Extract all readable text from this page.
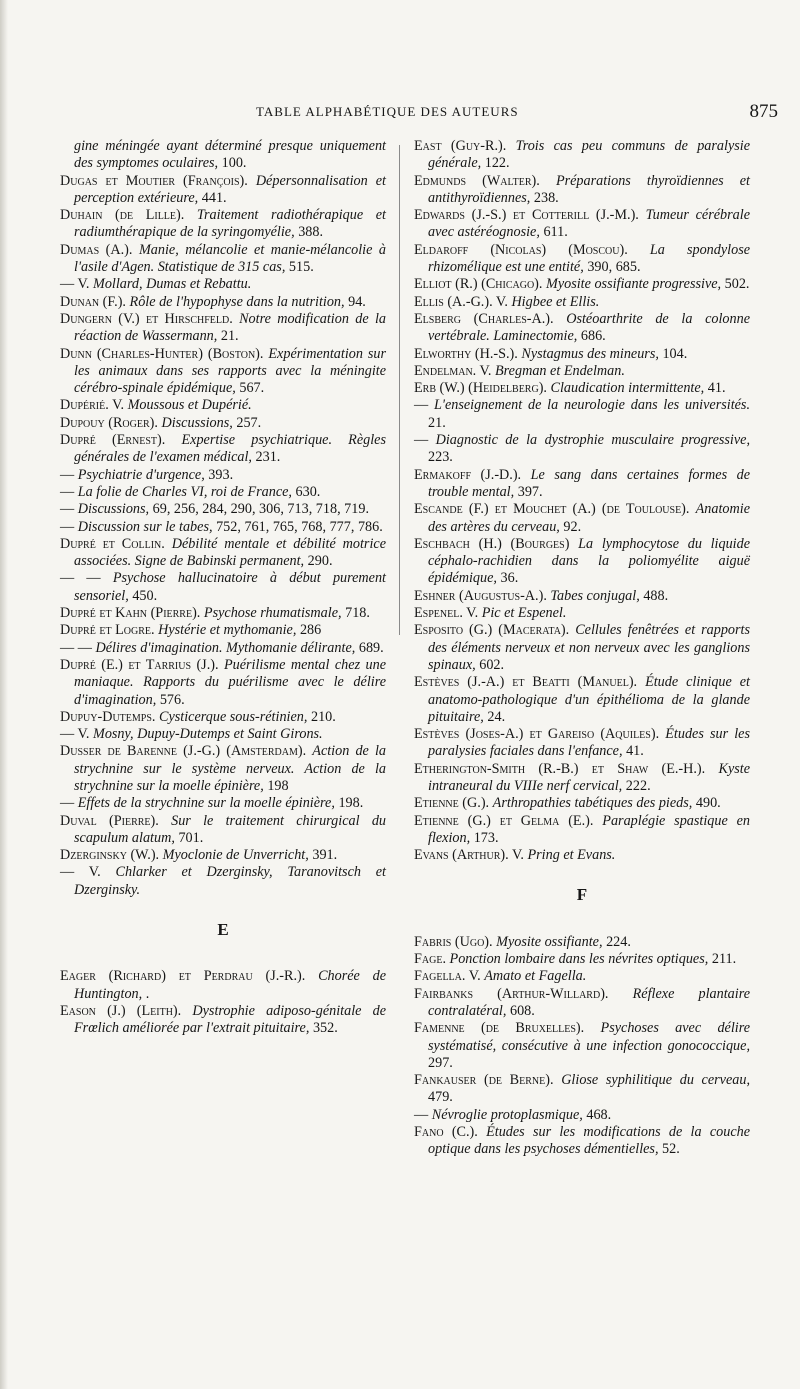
TABLE ALPHABÉTIQUE DES AUTEURS	875

gine méningée ayant déterminé presque uniquement des symptomes oculaires, 100.

Dugas et Moutier (François). Dépersonnalisation et perception extérieure, 441.

Duhain (de Lille). Traitement radiothérapique et radiumthérapique de la syringomyélie, 388.

Dumas (A.). Manie, mélancolie et manie-mélancolie à l'asile d'Agen. Statistique de 315 cas, 515.

— V. Mollard, Dumas et Rebattu.

Dunan (F.). Rôle de l'hypophyse dans la nutrition, 94.

Dungern (V.) et Hirschfeld. Notre modification de la réaction de Wassermann, 21.

Dunn (Charles-Hunter) (Boston). Expérimentation sur les animaux dans ses rapports avec la méningite cérébro-spinale épidémique, 567.

Dupérié. V. Moussous et Dupérié.

Dupouy (Roger). Discussions, 257.

Dupré (Ernest). Expertise psychiatrique. Règles générales de l'examen médical, 231.

— Psychiatrie d'urgence, 393.

— La folie de Charles VI, roi de France, 630.

— Discussions, 69, 256, 284, 290, 306, 713, 718, 719.

— Discussion sur le tabes, 752, 761, 765, 768, 777, 786.

Dupré et Collin. Débilité mentale et débilité motrice associées. Signe de Babinski permanent, 290.

— — Psychose hallucinatoire à début purement sensoriel, 450.

Dupré et Kahn (Pierre). Psychose rhumatismale, 718.

Dupré et Logre. Hystérie et mythomanie, 286

— — Délires d'imagination. Mythomanie délirante, 689.

Dupré (E.) et Tarrius (J.). Puérilisme mental chez une maniaque. Rapports du puérilisme avec le délire d'imagination, 576.

Dupuy-Dutemps. Cysticerque sous-rétinien, 210.

— V. Mosny, Dupuy-Dutemps et Saint Girons.

Dusser de Barenne (J.-G.) (Amsterdam). Action de la strychnine sur le système nerveux. Action de la strychnine sur la moelle épinière, 198

— Effets de la strychnine sur la moelle épinière, 198.

Duval (Pierre). Sur le traitement chirurgical du scapulum alatum, 701.

Dzerginsky (W.). Myoclonie de Unverricht, 391.

— V. Chlarker et Dzerginsky, Taranovitsch et Dzerginsky.

E

Eager (Richard) et Perdrau (J.-R.). Chorée de Huntington, .

Eason (J.) (Leith). Dystrophie adiposo-génitale de Frœlich améliorée par l'extrait pituitaire, 352.

East (Guy-R.). Trois cas peu communs de paralysie générale, 122.

Edmunds (Walter). Préparations thyroïdiennes et antithyroïdiennes, 238.

Edwards (J.-S.) et Cotterill (J.-M.). Tumeur cérébrale avec astéréognosie, 611.

Eldaroff (Nicolas) (Moscou). La spondylose rhizomélique est une entité, 390, 685.

Elliot (R.) (Chicago). Myosite ossifiante progressive, 502.

Ellis (A.-G.). V. Higbee et Ellis.

Elsberg (Charles-A.). Ostéoarthrite de la colonne vertébrale. Laminectomie, 686.

Elworthy (H.-S.). Nystagmus des mineurs, 104.

Endelman. V. Bregman et Endelman.

Erb (W.) (Heidelberg). Claudication intermittente, 41.

— L'enseignement de la neurologie dans les universités. 21.

— Diagnostic de la dystrophie musculaire progressive, 223.

Ermakoff (J.-D.). Le sang dans certaines formes de trouble mental, 397.

Escande (F.) et Mouchet (A.) (de Toulouse). Anatomie des artères du cerveau, 92.

Eschbach (H.) (Bourges) La lymphocytose du liquide céphalo-rachidien dans la poliomyélite aiguë épidémique, 36.

Eshner (Augustus-A.). Tabes conjugal, 488.

Espenel. V. Pic et Espenel.

Esposito (G.) (Macerata). Cellules fenêtrées et rapports des éléments nerveux et non nerveux avec les ganglions spinaux, 602.

Estèves (J.-A.) et Beatti (Manuel). Étude clinique et anatomo-pathologique d'un épithélioma de la glande pituitaire, 24.

Estèves (Joses-A.) et Gareiso (Aquiles). Études sur les paralysies faciales dans l'enfance, 41.

Etherington-Smith (R.-B.) et Shaw (E.-H.). Kyste intraneural du VIIIe nerf cervical, 222.

Etienne (G.). Arthropathies tabétiques des pieds, 490.

Etienne (G.) et Gelma (E.). Paraplégie spastique en flexion, 173.

Evans (Arthur). V. Pring et Evans.

F

Fabris (Ugo). Myosite ossifiante, 224.

Fage. Ponction lombaire dans les névrites optiques, 211.

Fagella. V. Amato et Fagella.

Fairbanks (Arthur-Willard). Réflexe plantaire contralatéral, 608.

Famenne (de Bruxelles). Psychoses avec délire systématisé, consécutive à une infection gonococcique, 297.

Fankauser (de Berne). Gliose syphilitique du cerveau, 479.

— Névroglie protoplasmique, 468.

Fano (C.). Études sur les modifications de la couche optique dans les psychoses démentielles, 52.
